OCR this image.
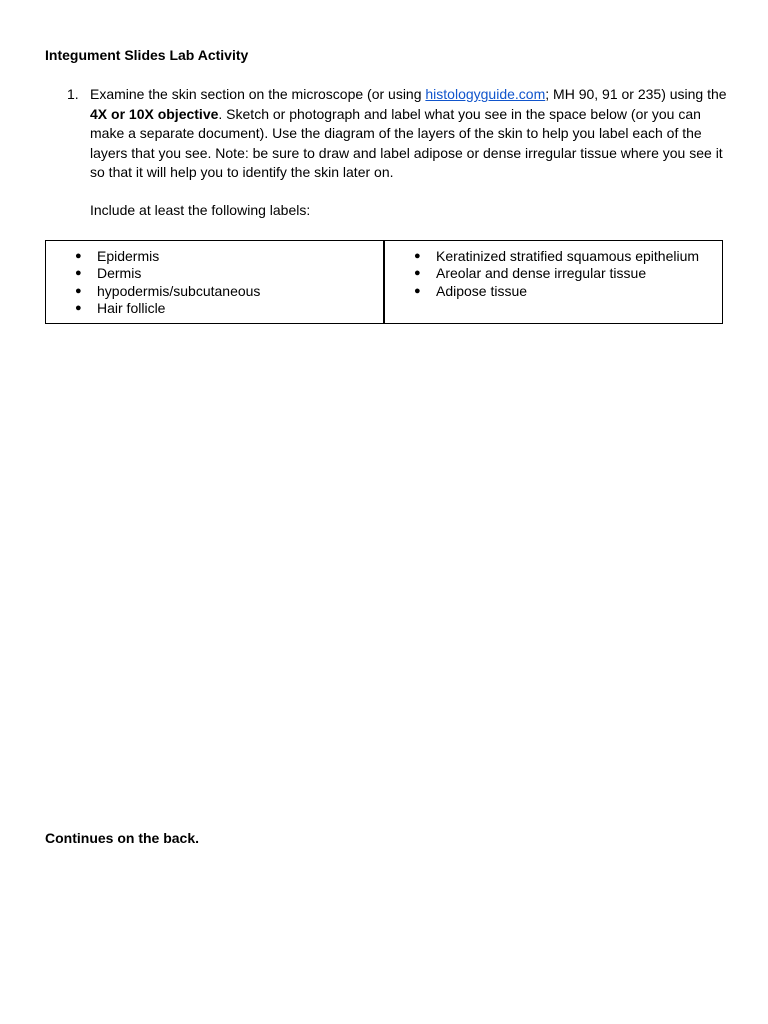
Integument Slides Lab Activity
1. Examine the skin section on the microscope (or using histologyguide.com; MH 90, 91 or 235) using the 4X or 10X objective. Sketch or photograph and label what you see in the space below (or you can make a separate document). Use the diagram of the layers of the skin to help you label each of the layers that you see. Note: be sure to draw and label adipose or dense irregular tissue where you see it so that it will help you to identify the skin later on.
Include at least the following labels:
● Epidermis
● Dermis
● hypodermis/subcutaneous
● Hair follicle
● Keratinized stratified squamous epithelium
● Areolar and dense irregular tissue
● Adipose tissue
Continues on the back.
